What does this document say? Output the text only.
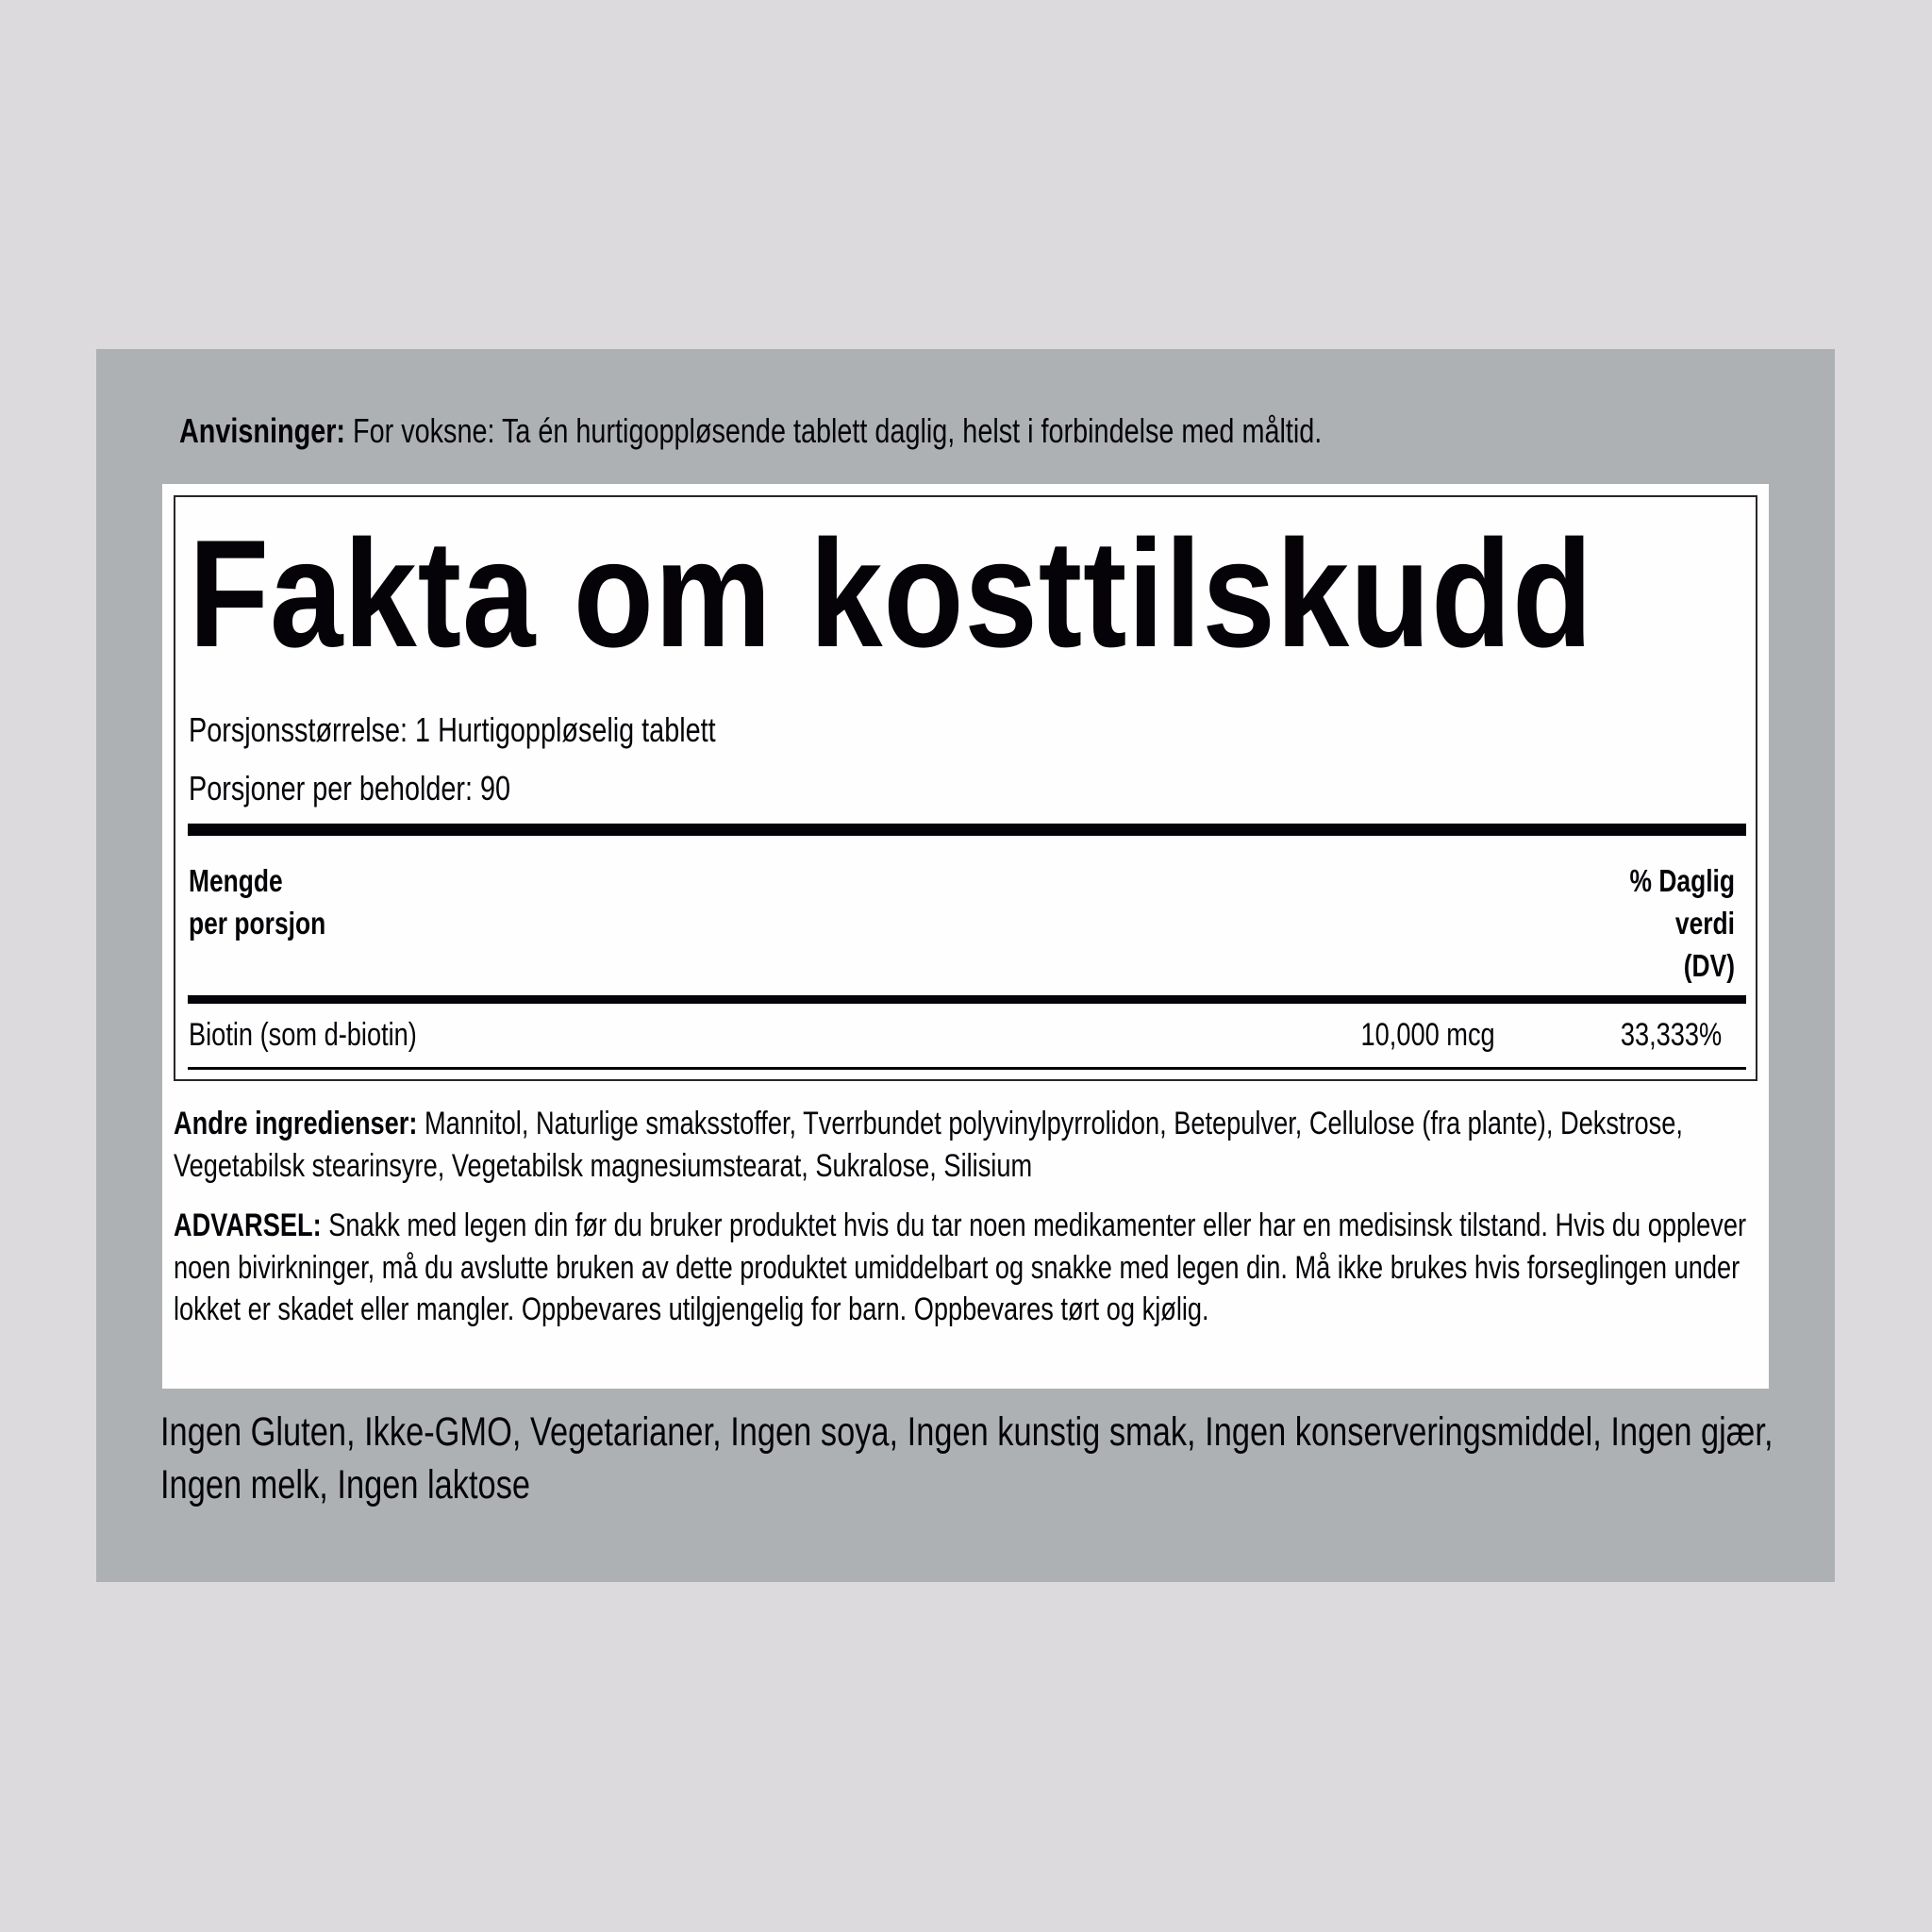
Anvisninger: For voksne: Ta én hurtigoppløsende tablett daglig, helst i forbindelse med måltid.
Fakta om kosttilskudd
Porsjonsstørrelse: 1 Hurtigoppløselig tablett
Porsjoner per beholder: 90
Mengde
per porsjon
% Daglig
verdi
(DV)
Biotin (som d-biotin)	10,000 mcg	33,333%
Andre ingredienser: Mannitol, Naturlige smaksstoffer, Tverrbundet polyvinylpyrrolidon, Betepulver, Cellulose (fra plante), Dekstrose, Vegetabilsk stearinsyre, Vegetabilsk magnesiumstearat, Sukralose, Silisium
ADVARSEL: Snakk med legen din før du bruker produktet hvis du tar noen medikamenter eller har en medisinsk tilstand. Hvis du opplever noen bivirkninger, må du avslutte bruken av dette produktet umiddelbart og snakke med legen din. Må ikke brukes hvis forseglingen under lokket er skadet eller mangler. Oppbevares utilgjengelig for barn. Oppbevares tørt og kjølig.
Ingen Gluten, Ikke-GMO, Vegetarianer, Ingen soya, Ingen kunstig smak, Ingen konserveringsmiddel, Ingen gjær, Ingen melk, Ingen laktose
